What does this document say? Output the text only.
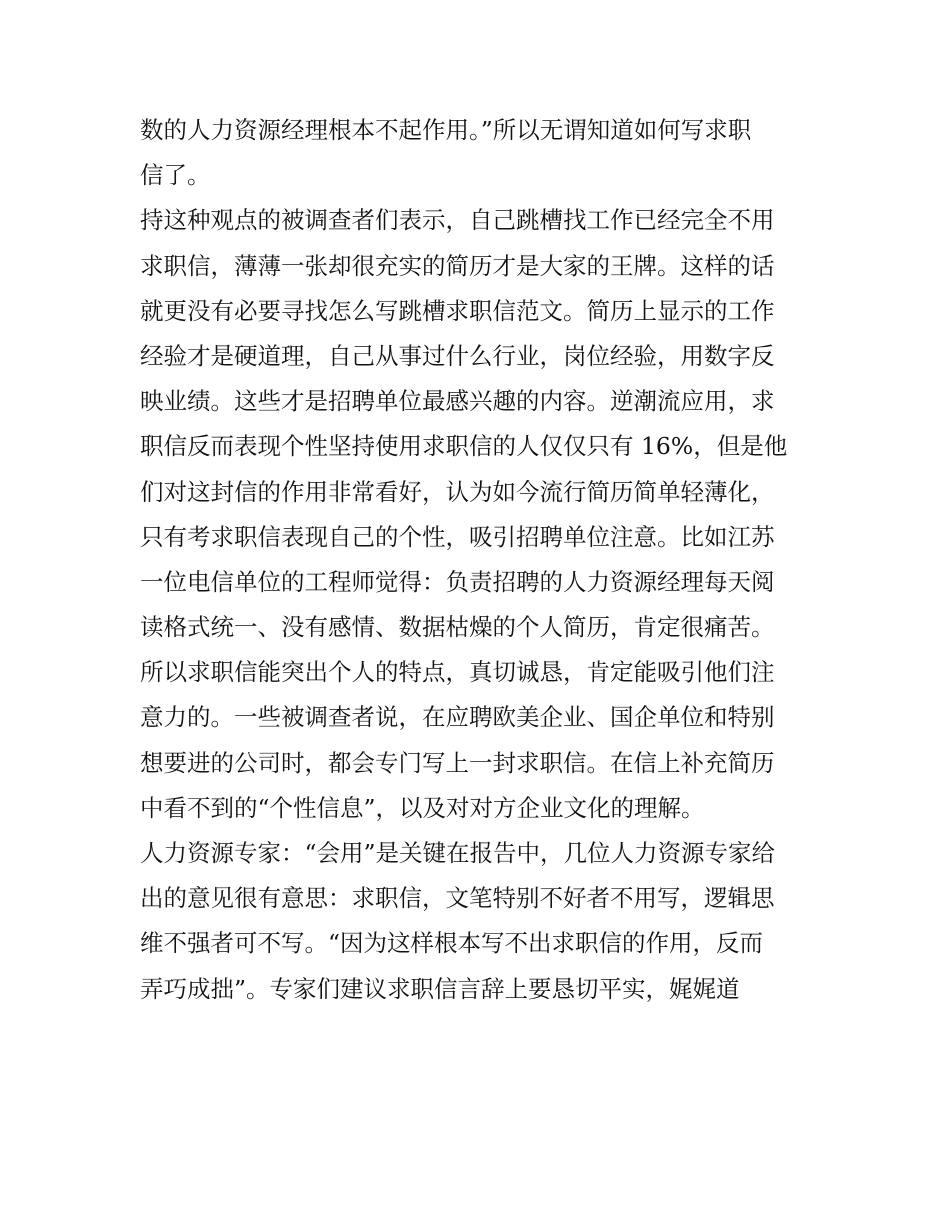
数的人力资源经理根本不起作用。”所以无谓知道如何写求职
信了。
持这种观点的被调查者们表示，自己跳槽找工作已经完全不用
求职信，薄薄一张却很充实的简历才是大家的王牌。这样的话
就更没有必要寻找怎么写跳槽求职信范文。简历上显示的工作
经验才是硬道理，自己从事过什么行业，岗位经验，用数字反
映业绩。这些才是招聘单位最感兴趣的内容。逆潮流应用，求
职信反而表现个性坚持使用求职信的人仅仅只有 16%，但是他
们对这封信的作用非常看好，认为如今流行简历简单轻薄化，
只有考求职信表现自己的个性，吸引招聘单位注意。比如江苏
一位电信单位的工程师觉得：负责招聘的人力资源经理每天阅
读格式统一、没有感情、数据枯燥的个人简历，肯定很痛苦。
所以求职信能突出个人的特点，真切诚恳，肯定能吸引他们注
意力的。一些被调查者说，在应聘欧美企业、国企单位和特别
想要进的公司时，都会专门写上一封求职信。在信上补充简历
中看不到的“个性信息”，以及对对方企业文化的理解。
人力资源专家：“会用”是关键在报告中，几位人力资源专家给
出的意见很有意思：求职信，文笔特别不好者不用写，逻辑思
维不强者可不写。“因为这样根本写不出求职信的作用，反而
弄巧成拙”。专家们建议求职信言辞上要恳切平实，娓娓道
